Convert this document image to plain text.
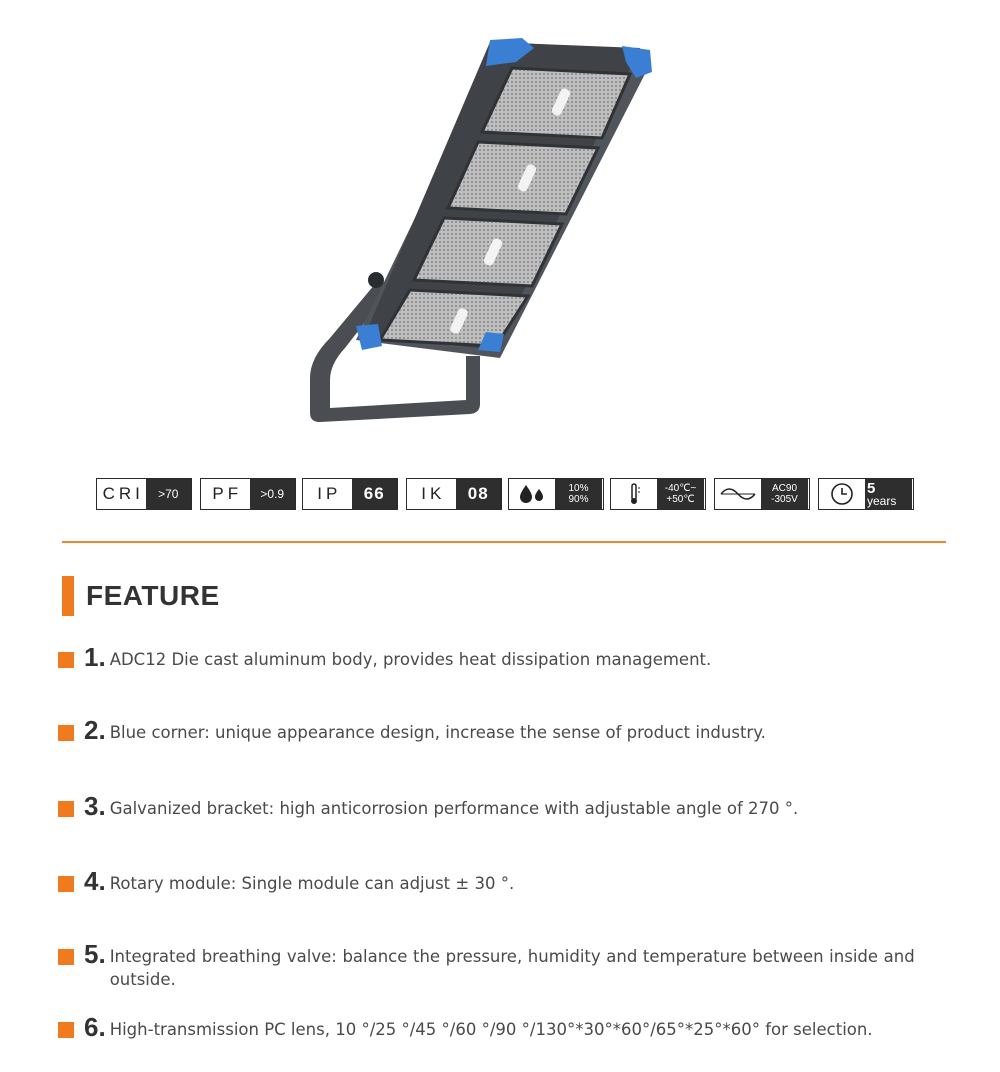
CRI	>70	PF	>0.9	IP	66	IK	08	10%
90%
-40℃~
+50℃
AC90
-305V
5
years
FEATURE
1. ADC12 Die cast aluminum body, provides heat dissipation management.
2. Blue corner: unique appearance design, increase the sense of product industry.
3. Galvanized bracket: high anticorrosion performance with adjustable angle of 270 °.
4. Rotary module: Single module can adjust ± 30 °.
5. Integrated breathing valve: balance the pressure, humidity and temperature between inside and outside.
6. High-transmission PC lens, 10 °/25 °/45 °/60 °/90 °/130°*30°*60°/65°*25°*60° for selection.
